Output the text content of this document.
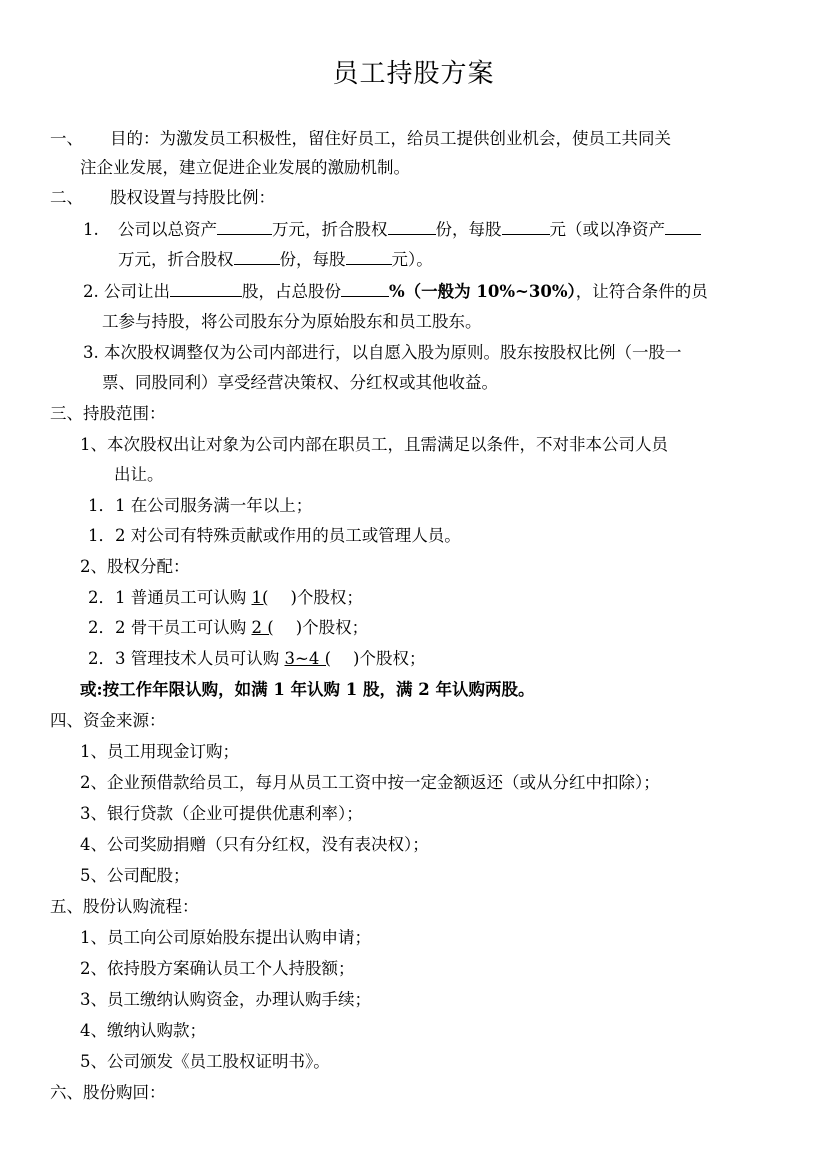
员工持股方案
一、 目的：为激发员工积极性，留住好员工，给员工提供创业机会，使员工共同关
注企业发展，建立促进企业发展的激励机制。
二、 股权设置与持股比例：
1. 公司以总资产	万元，折合股权	份，每股	元（或以净资产
万元，折合股权	份，每股	元）。
2. 公司让出	股，占总股份	%（一般为 10%~30%），让符合条件的员
工参与持股，将公司股东分为原始股东和员工股东。
3. 本次股权调整仅为公司内部进行，以自愿入股为原则。股东按股权比例（一股一
票、同股同利）享受经营决策权、分红权或其他收益。
三、持股范围：
1、本次股权出让对象为公司内部在职员工，且需满足以条件，不对非本公司人员
出让。
1．1 在公司服务满一年以上；
1．2 对公司有特殊贡献或作用的员工或管理人员。
2、股权分配：
2．1 普通员工可认购 1( )个股权；
2．2 骨干员工可认购 2 ( )个股权；
2．3 管理技术人员可认购 3~4 ( )个股权；
或:按工作年限认购，如满 1 年认购 1 股，满 2 年认购两股。
四、资金来源：
1、员工用现金订购；
2、企业预借款给员工，每月从员工工资中按一定金额返还（或从分红中扣除）；
3、银行贷款（企业可提供优惠利率）；
4、公司奖励捐赠（只有分红权，没有表决权）；
5、公司配股；
五、股份认购流程：
1、员工向公司原始股东提出认购申请；
2、依持股方案确认员工个人持股额；
3、员工缴纳认购资金，办理认购手续；
4、缴纳认购款；
5、公司颁发《员工股权证明书》。
六、股份购回：
